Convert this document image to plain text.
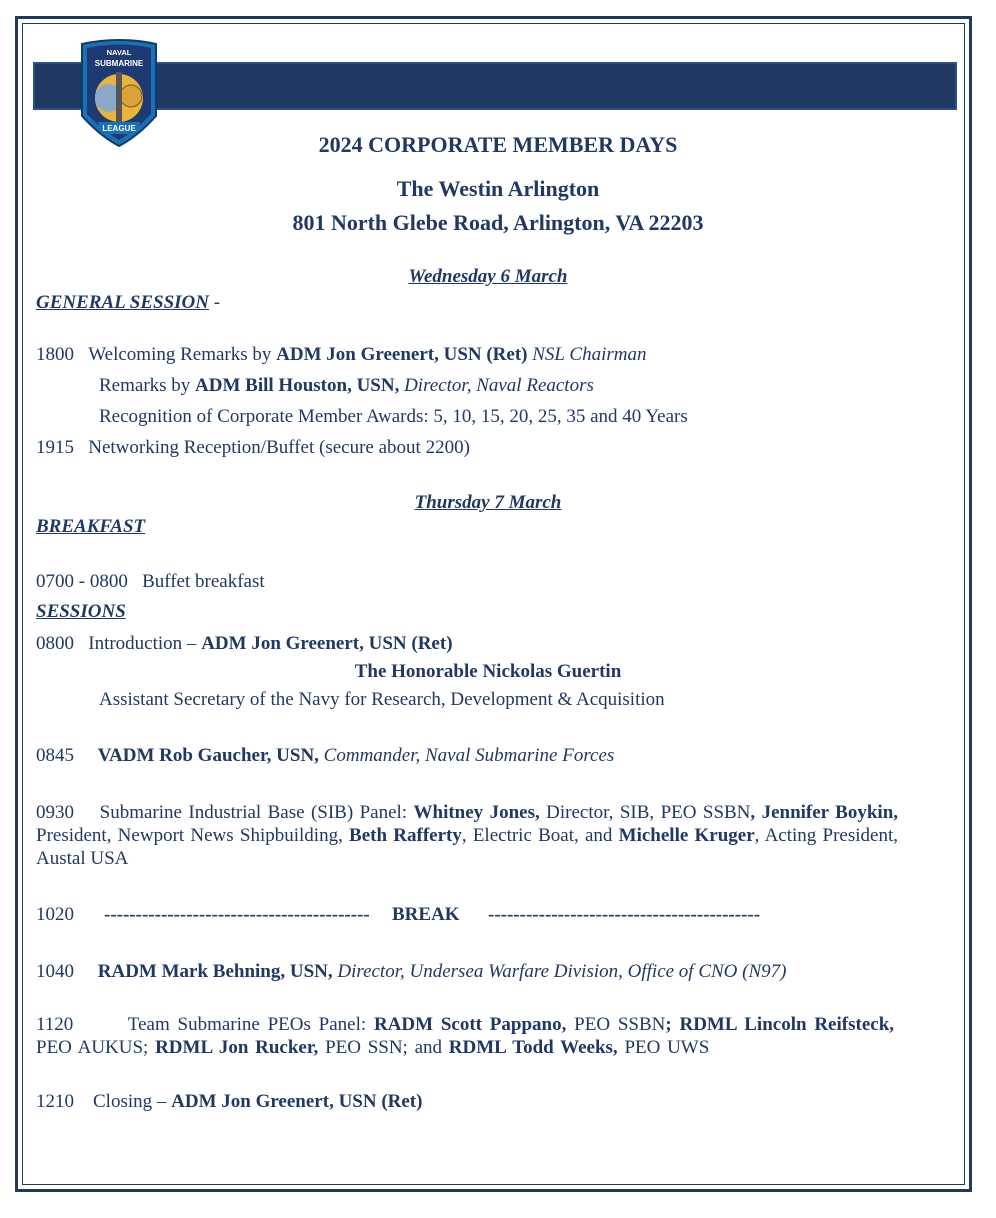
NAVAL
SUBMARINE
LEAGUE
2024 CORPORATE MEMBER DAYS
The Westin Arlington
801 North Glebe Road, Arlington, VA 22203
Wednesday 6 March
GENERAL SESSION -
1800 Welcoming Remarks by ADM Jon Greenert, USN (Ret) NSL Chairman
Remarks by ADM Bill Houston, USN, Director, Naval Reactors
Recognition of Corporate Member Awards: 5, 10, 15, 20, 25, 35 and 40 Years
1915 Networking Reception/Buffet (secure about 2200)
Thursday 7 March
BREAKFAST
0700 - 0800 Buffet breakfast
SESSIONS
0800 Introduction – ADM Jon Greenert, USN (Ret)
The Honorable Nickolas Guertin
Assistant Secretary of the Navy for Research, Development & Acquisition
0845 VADM Rob Gaucher, USN, Commander, Naval Submarine Forces
0930 Submarine Industrial Base (SIB) Panel: Whitney Jones, Director, SIB, PEO SSBN, Jennifer Boykin, President, Newport News Shipbuilding, Beth Rafferty, Electric Boat, and Michelle Kruger, Acting President, Austal USA
1020 ------------------------------------------ BREAK -------------------------------------------
1040 RADM Mark Behning, USN, Director, Undersea Warfare Division, Office of CNO (N97)
1120	Team Submarine PEOs Panel: RADM Scott Pappano, PEO SSBN; RDML Lincoln Reifsteck, PEO AUKUS; RDML Jon Rucker, PEO SSN; and RDML Todd Weeks, PEO UWS
1210 Closing – ADM Jon Greenert, USN (Ret)
